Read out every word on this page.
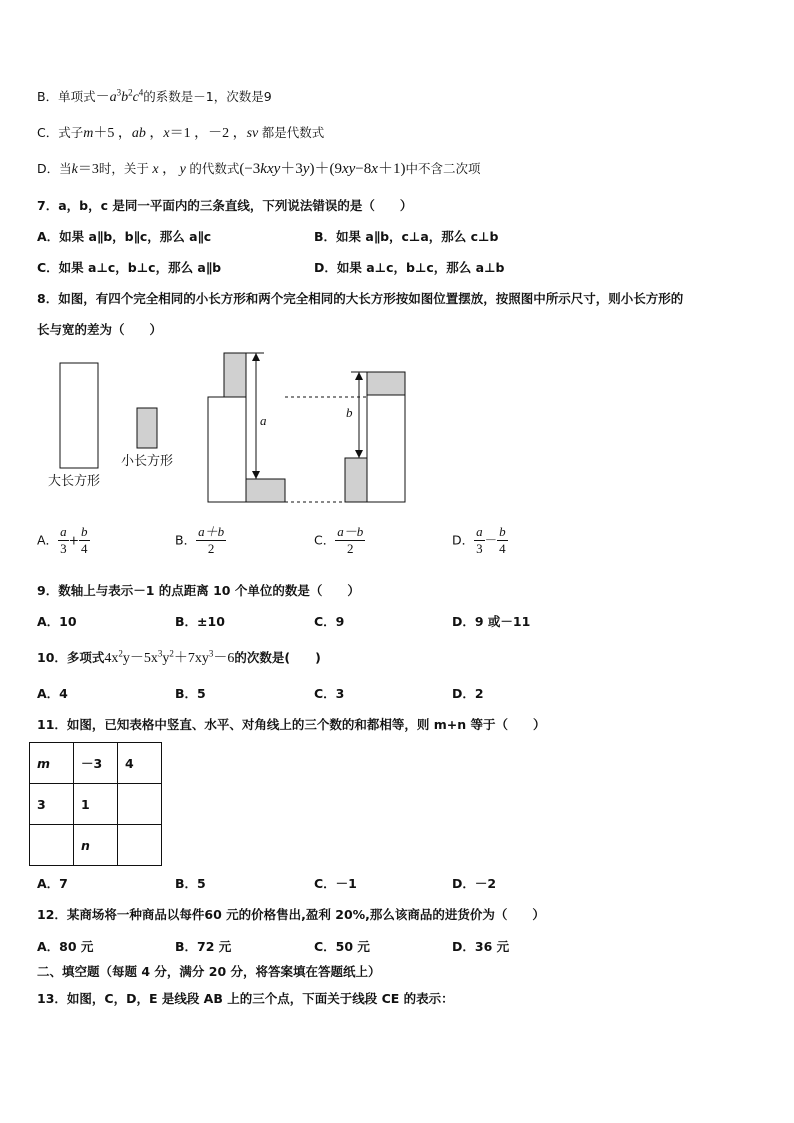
B．单项式$-a^3b^2c^4$的系数是－1，次数是9
C．式子m＋5 ，ab ，x＝1 ，－2 ，sv 都是代数式
D．当k＝3时，关于 x ， y 的代数式(−3kxy＋3y)＋(9xy−8x＋1)中不含二次项
7．a，b，c 是同一平面内的三条直线，下列说法错误的是（　　）
A．如果 a∥b，b∥c，那么 a∥c	B．如果 a∥b，c⊥a，那么 c⊥b
C．如果 a⊥c，b⊥c，那么 a∥b	D．如果 a⊥c，b⊥c，那么 a⊥b
8．如图，有四个完全相同的小长方形和两个完全相同的大长方形按如图位置摆放，按照图中所示尺寸，则小长方形的
长与宽的差为（　　）
大长方形
小长方形
a
b
A． $\frac{a}{3} + \frac{b}{4}$	B． $\frac{a+b}{2}$	C． $\frac{a-b}{2}$	D． $\frac{a}{3} - \frac{b}{4}$
9．数轴上与表示－1 的点距离 10 个单位的数是（　　）
A．10	B．±10	C．9	D．9 或－11
10．多项式$4x^2y-5x^3y^2+7xy^3-6$的次数是(　　)
A．4	B．5	C．3	D．2
11．如图，已知表格中竖直、水平、对角线上的三个数的和都相等，则 m+n 等于（　　）
m	－3	4
3	1	
	n	
A．7	B．5	C．－1	D．－2
12．某商场将一种商品以每件60 元的价格售出,盈利 20%,那么该商品的进货价为（　　）
A．80 元	B．72 元	C．50 元	D．36 元
二、填空题（每题 4 分，满分 20 分，将答案填在答题纸上）
13．如图，C，D，E 是线段 AB 上的三个点，下面关于线段 CE 的表示：
